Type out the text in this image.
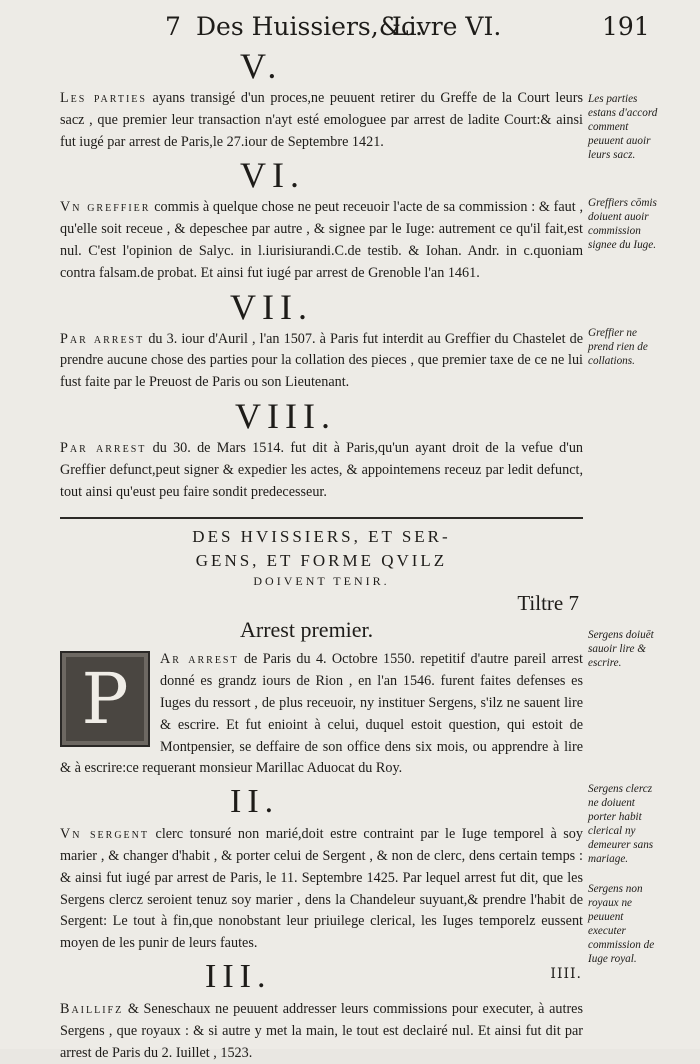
7 Des Huissiers,&c.
Livre VI.	191
V.

Les parties ayans transigé d'un proces,ne peuuent retirer du Greffe de la Court leurs sacz , que premier leur transaction n'ayt esté emologuee par arrest de ladite Court:& ainsi fut iugé par arrest de Paris,le 27.iour de Septembre 1421.

VI.

Vn greffier commis à quelque chose ne peut receuoir l'acte de sa commission : & faut , qu'elle soit receue , & depeschee par autre , & signee par le Iuge: autrement ce qu'il fait,est nul. C'est l'opinion de Salyc. in l.iurisiurandi.C.de testib. & Iohan. Andr. in c.quoniam contra falsam.de probat. Et ainsi fut iugé par arrest de Grenoble l'an 1461.

VII.

Par arrest du 3. iour d'Auril , l'an 1507. à Paris fut interdit au Greffier du Chastelet de prendre aucune chose des parties pour la collation des pieces , que premier taxe de ce ne lui fust faite par le Preuost de Paris ou son Lieutenant.

VIII.

Par arrest du 30. de Mars 1514. fut dit à Paris,qu'un ayant droit de la vefue d'un Greffier defunct,peut signer & expedier les actes, & appointemens receuz par ledit defunct, tout ainsi qu'eust peu faire sondit predecesseur.

DES HVISSIERS, ET SER-
GENS, ET FORME QVILZ
DOIVENT TENIR.
Tiltre 7
Arrest premier.
P	Ar arrest de Paris du 4. Octobre 1550. repetitif d'autre pareil arrest donné es grandz iours de Rion , en l'an 1546. furent faites defenses es Iuges du ressort , de plus receuoir, ny instituer Sergens, s'ilz ne sauent lire & escrire. Et fut enioint à celui, duquel estoit question, qui estoit de Montpensier, se deffaire de son office dens six mois, ou apprendre à lire & à escrire:ce requerant monsieur Marillac Aduocat du Roy.

II.

Vn sergent clerc tonsuré non marié,doit estre contraint par le Iuge temporel à soy marier , & changer d'habit , & porter celui de Sergent , & non de clerc, dens certain temps : & ainsi fut iugé par arrest de Paris, le 11. Septembre 1425. Par lequel arrest fut dit, que les Sergens clercz seroient tenuz soy marier , dens la Chandeleur suyuant,& prendre l'habit de Sergent: Le tout à fin,que nonobstant leur priuilege clerical, les Iuges temporelz eussent moyen de les punir de leurs fautes.

III.

Baillifz & Seneschaux ne peuuent addresser leurs commissions pour executer, à autres Sergens , que royaux : & si autre y met la main, le tout est declairé nul. Et ainsi fut dit par arrest de Paris du 2. Iuillet , 1523.

IIII.
Les parties estans d'accord comment peuuent auoir leurs sacz.
Greffiers cōmis doiuent auoir commission signee du Iuge.
Greffier ne prend rien de collations.
Sergens doiuēt sauoir lire & escrire.
Sergens clercz ne doiuent porter habit clerical ny demeurer sans mariage.
Sergens non royaux ne peuuent executer commission de Iuge royal.
